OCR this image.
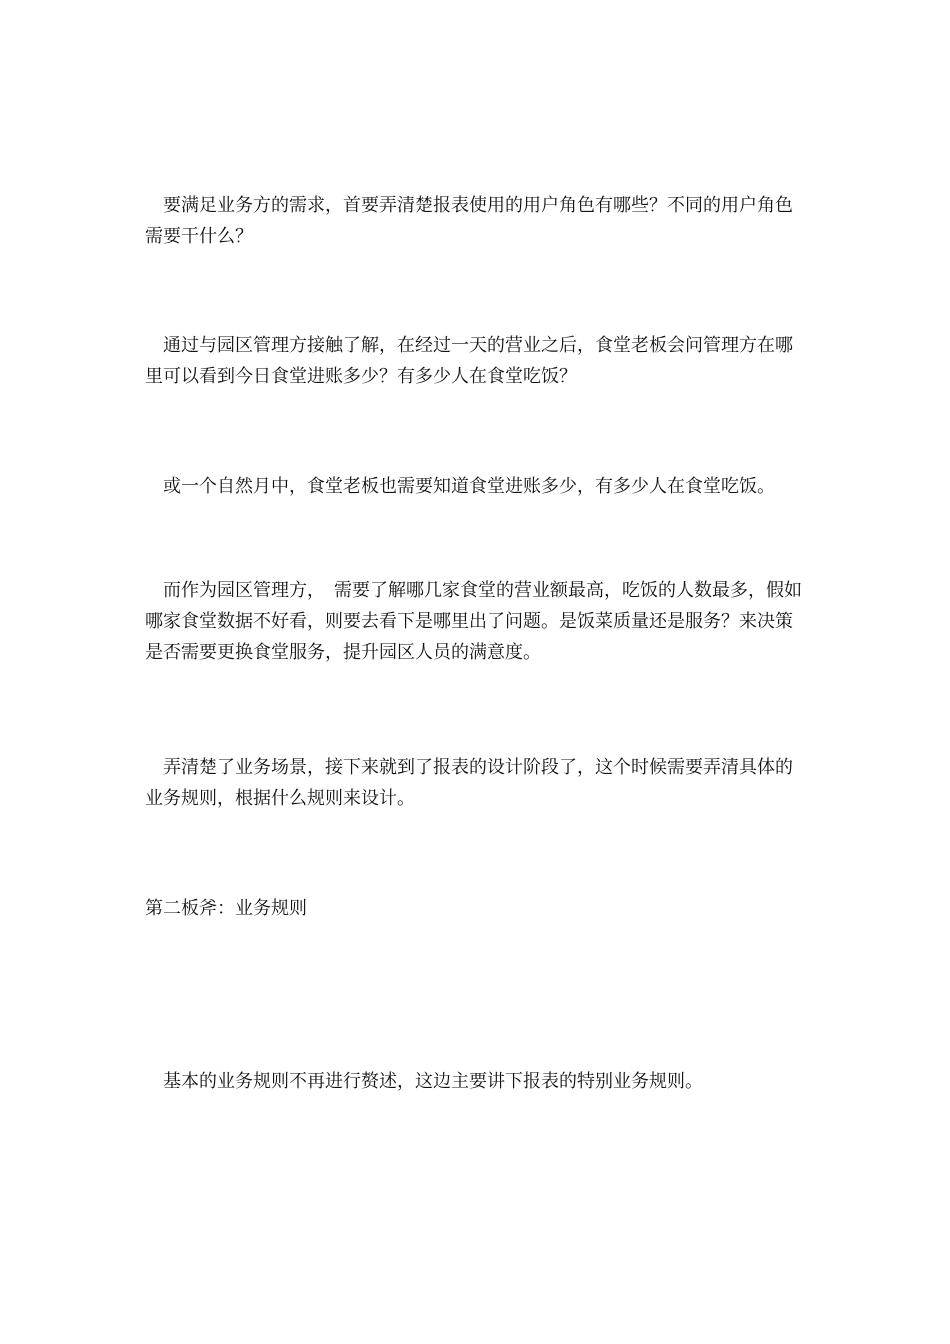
要满足业务方的需求，首要弄清楚报表使用的用户角色有哪些？不同的用户角色需要干什么？

通过与园区管理方接触了解，在经过一天的营业之后，食堂老板会问管理方在哪里可以看到今日食堂进账多少？有多少人在食堂吃饭？

或一个自然月中，食堂老板也需要知道食堂进账多少，有多少人在食堂吃饭。

而作为园区管理方，　需要了解哪几家食堂的营业额最高，吃饭的人数最多，假如哪家食堂数据不好看，则要去看下是哪里出了问题。是饭菜质量还是服务？来决策是否需要更换食堂服务，提升园区人员的满意度。

弄清楚了业务场景，接下来就到了报表的设计阶段了，这个时候需要弄清具体的业务规则，根据什么规则来设计。

第二板斧：业务规则

基本的业务规则不再进行赘述，这边主要讲下报表的特别业务规则。
